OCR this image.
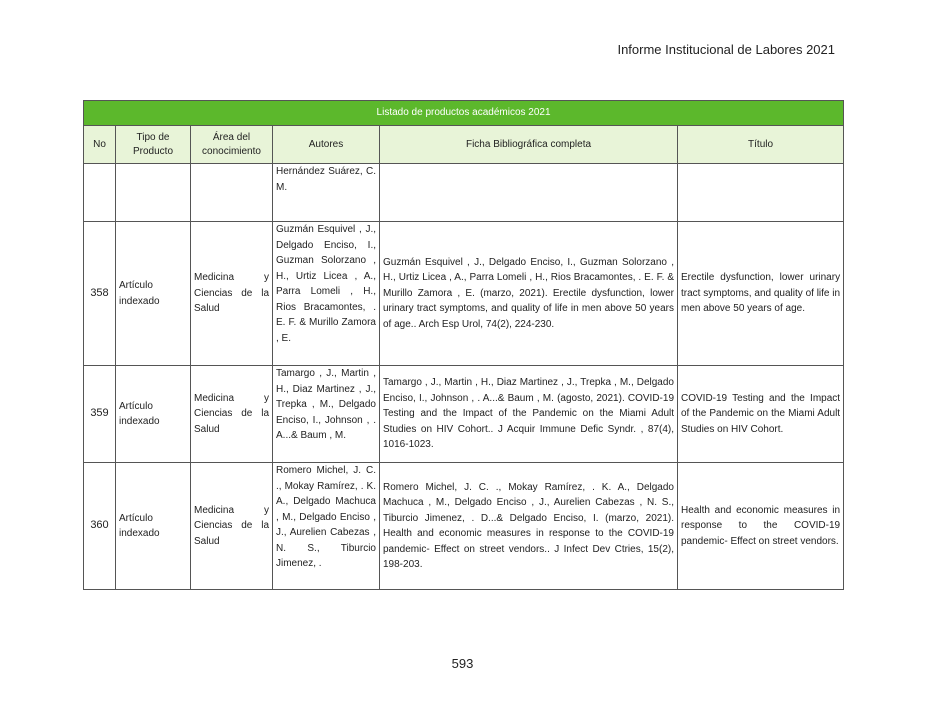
Informe Institucional de Labores 2021
Listado de productos académicos 2021					
No	Tipo de Producto	Área del conocimiento	Autores	Ficha Bibliográfica completa	Título
			Hernández Suárez, C. M.		
358	Artículo indexado	Medicina y Ciencias de la Salud	Guzmán Esquivel , J., Delgado Enciso, I., Guzman Solorzano , H., Urtiz Licea , A., Parra Lomeli , H., Rios Bracamontes, . E. F. & Murillo Zamora , E.	Guzmán Esquivel , J., Delgado Enciso, I., Guzman Solorzano , H., Urtiz Licea , A., Parra Lomeli , H., Rios Bracamontes, . E. F. & Murillo Zamora , E. (marzo, 2021). Erectile dysfunction, lower urinary tract symptoms, and quality of life in men above 50 years of age.. Arch Esp Urol, 74(2), 224-230.	Erectile dysfunction, lower urinary tract symptoms, and quality of life in men above 50 years of age.
359	Artículo indexado	Medicina y Ciencias de la Salud	Tamargo , J., Martin , H., Diaz Martinez , J., Trepka , M., Delgado Enciso, I., Johnson , . A...& Baum , M.	Tamargo , J., Martin , H., Diaz Martinez , J., Trepka , M., Delgado Enciso, I., Johnson , . A...& Baum , M. (agosto, 2021). COVID-19 Testing and the Impact of the Pandemic on the Miami Adult Studies on HIV Cohort.. J Acquir Immune Defic Syndr. , 87(4), 1016-1023.	COVID-19 Testing and the Impact of the Pandemic on the Miami Adult Studies on HIV Cohort.
360	Artículo indexado	Medicina y Ciencias de la Salud	Romero Michel, J. C. ., Mokay Ramírez, . K. A., Delgado Machuca , M., Delgado Enciso , J., Aurelien Cabezas , N. S., Tiburcio Jimenez, .	Romero Michel, J. C. ., Mokay Ramírez, . K. A., Delgado Machuca , M., Delgado Enciso , J., Aurelien Cabezas , N. S., Tiburcio Jimenez, . D...& Delgado Enciso, I. (marzo, 2021). Health and economic measures in response to the COVID-19 pandemic- Effect on street vendors.. J Infect Dev Ctries, 15(2), 198-203.	Health and economic measures in response to the COVID-19 pandemic- Effect on street vendors.
593
